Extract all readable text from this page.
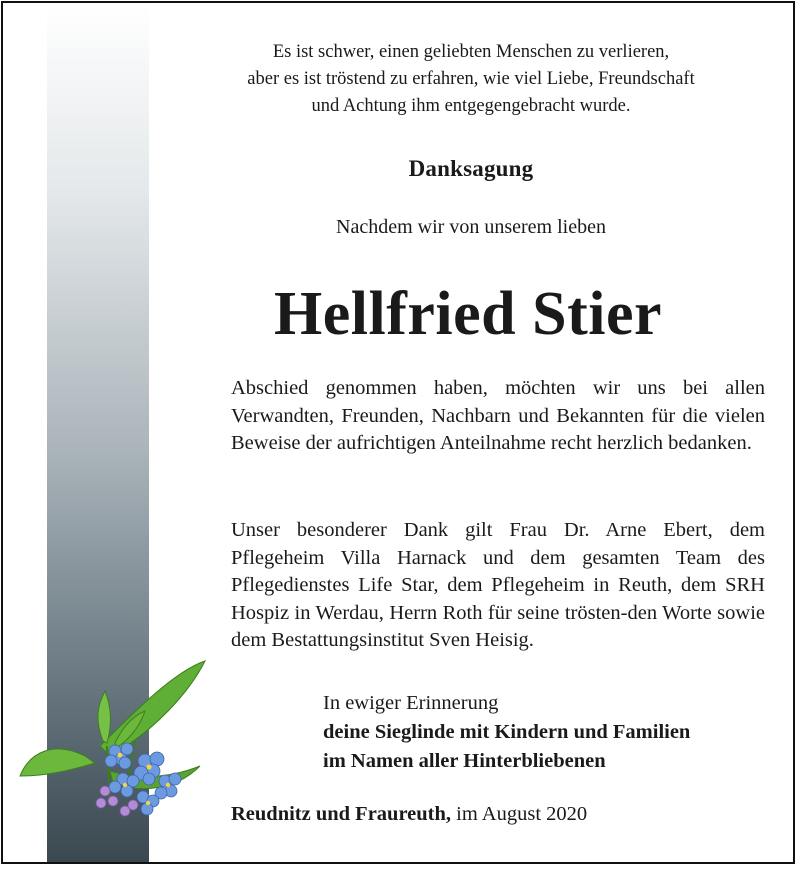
Es ist schwer, einen geliebten Menschen zu verlieren,
aber es ist tröstend zu erfahren, wie viel Liebe, Freundschaft
und Achtung ihm entgegengebracht wurde.
Danksagung
Nachdem wir von unserem lieben
Hellfried Stier
Abschied genommen haben, möchten wir uns bei allen Verwandten, Freunden, Nachbarn und Bekannten für die vielen Beweise der aufrichtigen Anteilnahme recht herzlich bedanken.
Unser besonderer Dank gilt Frau Dr. Arne Ebert, dem Pflegeheim Villa Harnack und dem gesamten Team des Pflegedienstes Life Star, dem Pflegeheim in Reuth, dem SRH Hospiz in Werdau, Herrn Roth für seine trösten-den Worte sowie dem Bestattungsinstitut Sven Heisig.
In ewiger Erinnerung
deine Sieglinde mit Kindern und Familien
im Namen aller Hinterbliebenen
Reudnitz und Fraureuth, im August 2020
